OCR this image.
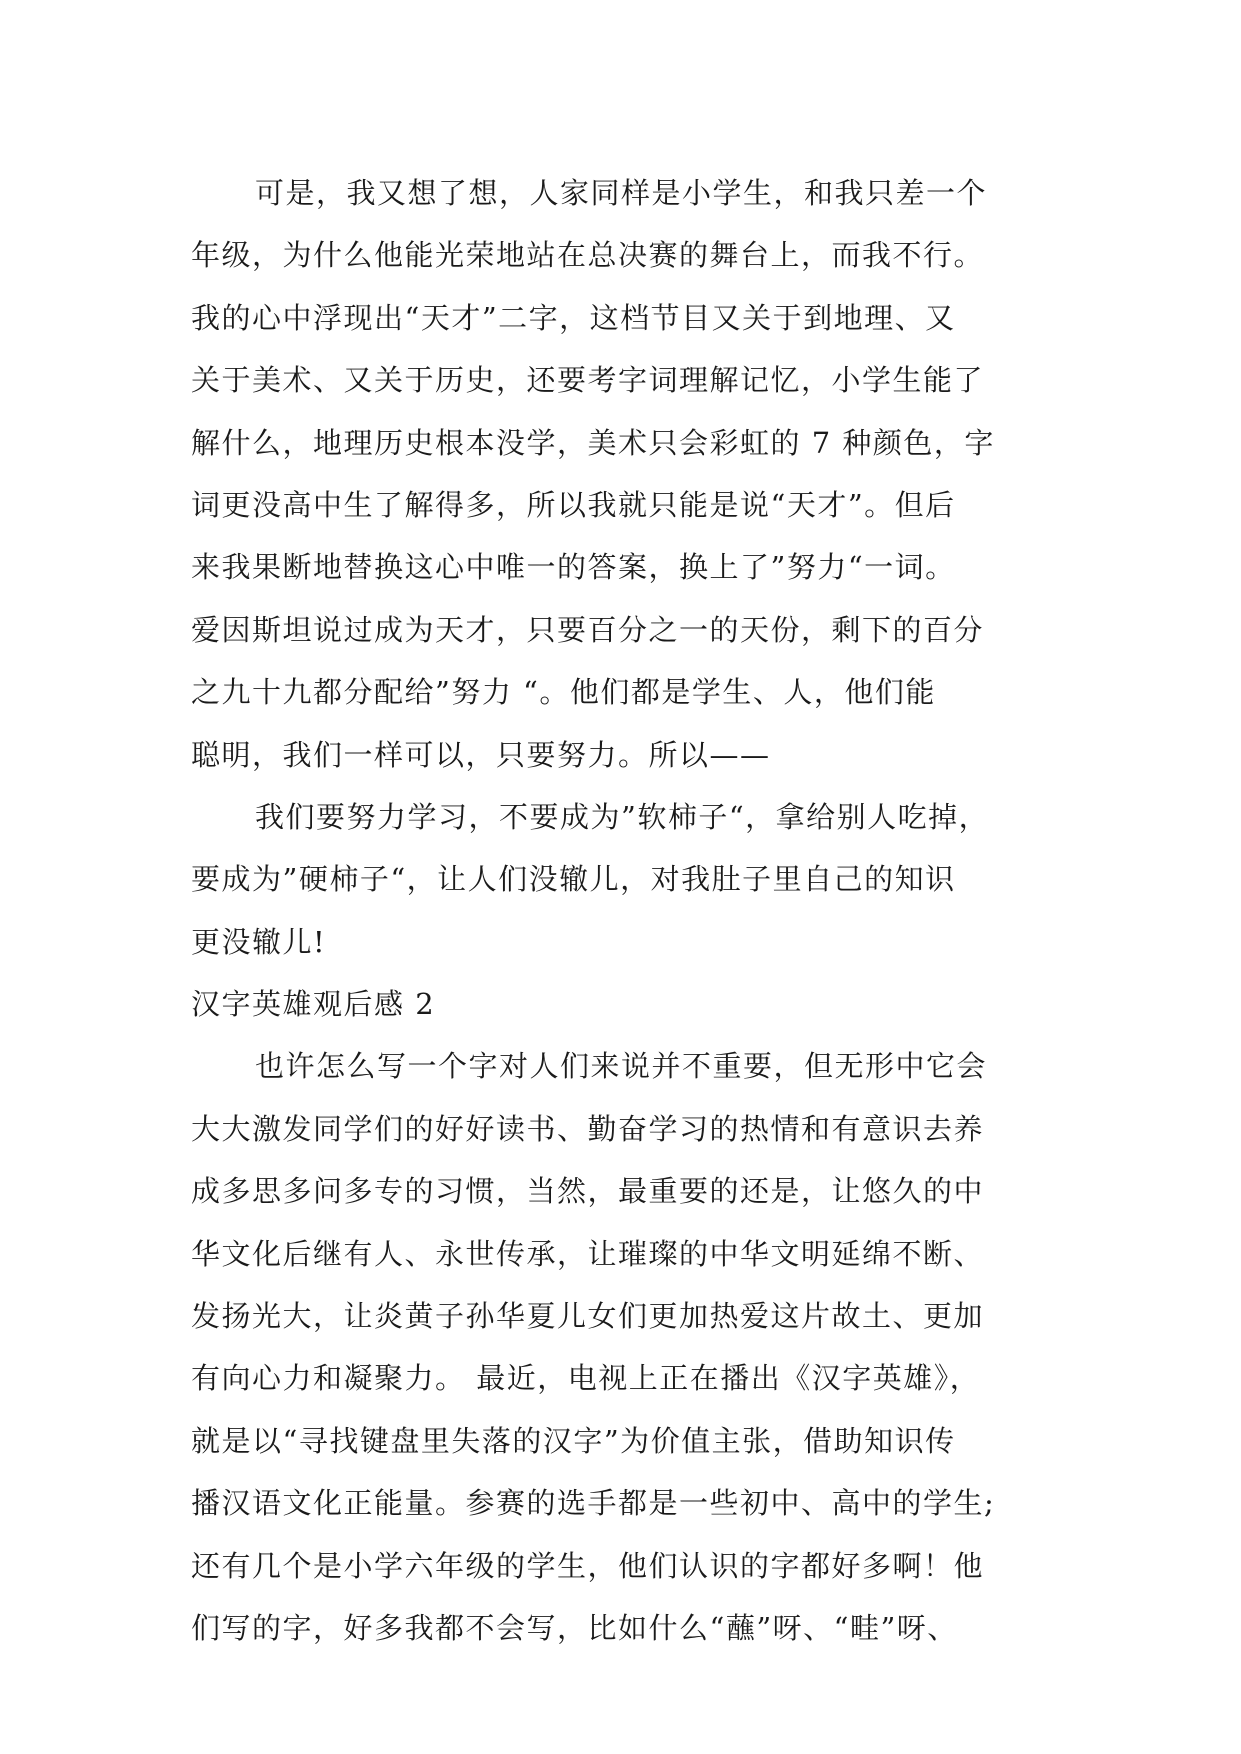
可是，我又想了想，人家同样是小学生，和我只差一个
年级，为什么他能光荣地站在总决赛的舞台上，而我不行。
我的心中浮现出“天才”二字，这档节目又关于到地理、又
关于美术、又关于历史，还要考字词理解记忆，小学生能了
解什么，地理历史根本没学，美术只会彩虹的 7 种颜色，字
词更没高中生了解得多，所以我就只能是说“天才”。但后
来我果断地替换这心中唯一的答案，换上了”努力“一词。
爱因斯坦说过成为天才，只要百分之一的天份，剩下的百分
之九十九都分配给”努力 “。他们都是学生、人，他们能
聪明，我们一样可以，只要努力。所以——
我们要努力学习，不要成为”软柿子“，拿给别人吃掉，
要成为”硬柿子“，让人们没辙儿，对我肚子里自己的知识
更没辙儿!
汉字英雄观后感 2
也许怎么写一个字对人们来说并不重要，但无形中它会
大大激发同学们的好好读书、勤奋学习的热情和有意识去养
成多思多问多专的习惯，当然，最重要的还是，让悠久的中
华文化后继有人、永世传承，让璀璨的中华文明延绵不断、
发扬光大，让炎黄子孙华夏儿女们更加热爱这片故土、更加
有向心力和凝聚力。 最近，电视上正在播出《汉字英雄》，
就是以“寻找键盘里失落的汉字”为价值主张，借助知识传
播汉语文化正能量。参赛的选手都是一些初中、高中的学生;
还有几个是小学六年级的学生，他们认识的字都好多啊！他
们写的字，好多我都不会写，比如什么“蘸”呀、“畦”呀、
